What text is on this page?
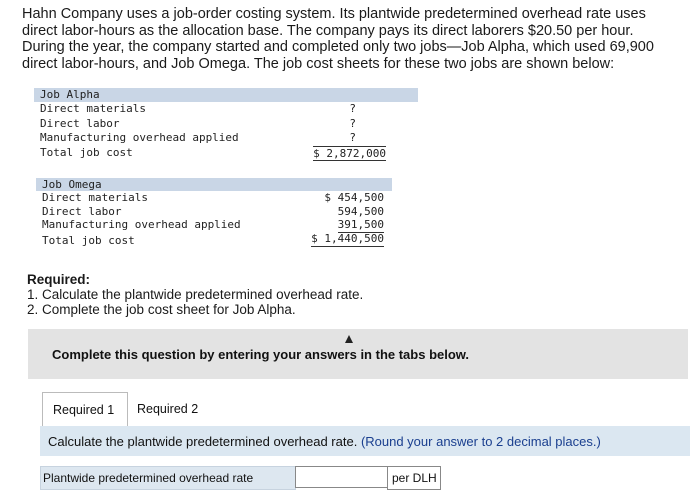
Hahn Company uses a job-order costing system. Its plantwide predetermined overhead rate uses direct labor-hours as the allocation base. The company pays its direct laborers $20.50 per hour. During the year, the company started and completed only two jobs—Job Alpha, which used 69,900 direct labor-hours, and Job Omega. The job cost sheets for these two jobs are shown below:
Job Alpha
Direct materials	?
Direct labor	?
Manufacturing overhead applied	?
Total job cost	$ 2,872,000
Job Omega
Direct materials	$ 454,500
Direct labor	594,500
Manufacturing overhead applied	391,500
Total job cost	$ 1,440,500
Required:
1. Calculate the plantwide predetermined overhead rate.
2. Complete the job cost sheet for Job Alpha.
Complete this question by entering your answers in the tabs below.
Required 1	Required 2
Calculate the plantwide predetermined overhead rate. (Round your answer to 2 decimal places.)
Plantwide predetermined overhead rate	per DLH
